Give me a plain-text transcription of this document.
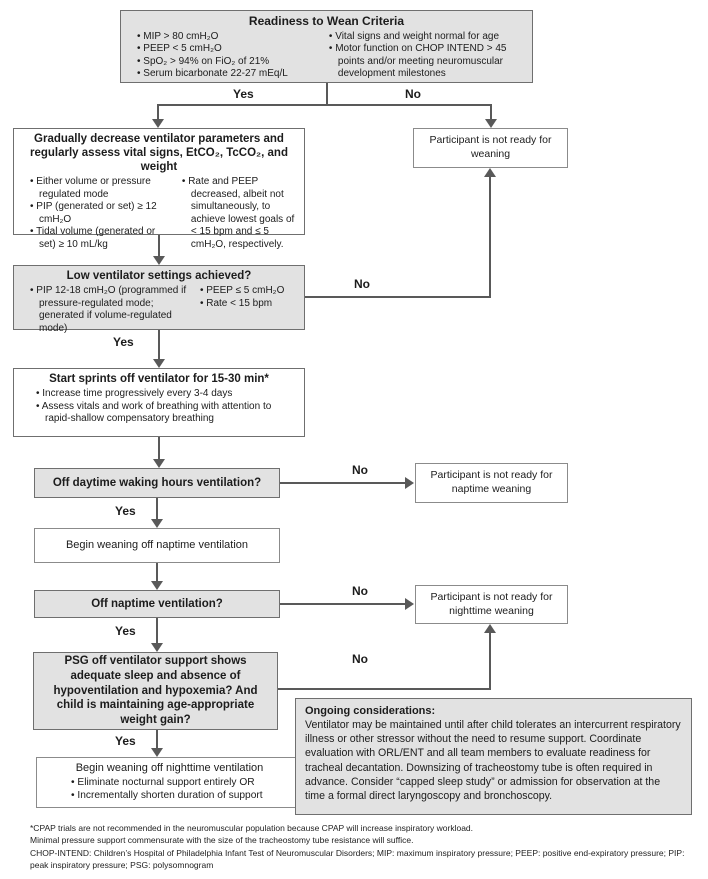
Readiness to Wean Criteria
• MIP > 80 cmH₂O
• PEEP < 5 cmH₂O
• SpO₂ > 94% on FiO₂ of 21%
• Serum bicarbonate 22-27 mEq/L
• Vital signs and weight normal for age
• Motor function on CHOP INTEND > 45 points and/or meeting neuromuscular development milestones
Yes	No
Gradually decrease ventilator parameters and regularly assess vital signs, EtCO₂, TcCO₂, and weight
• Either volume or pressure regulated mode
• PIP (generated or set) ≥ 12 cmH₂O
• Tidal volume (generated or set) ≥ 10 mL/kg
• Rate and PEEP decreased, albeit not simultaneously, to achieve lowest goals of < 15 bpm and ≤ 5 cmH₂O, respectively.
Participant is not ready for weaning
Low ventilator settings achieved?
• PIP 12-18 cmH₂O (programmed if pressure-regulated mode; generated if volume-regulated mode)
• PEEP ≤ 5 cmH₂O
• Rate < 15 bpm
No
Yes
Start sprints off ventilator for 15-30 min*
• Increase time progressively every 3-4 days
• Assess vitals and work of breathing with attention to rapid-shallow compensatory breathing
Off daytime waking hours ventilation?
No	Participant is not ready for naptime weaning
Yes
Begin weaning off naptime ventilation
Off naptime ventilation?
No	Participant is not ready for nighttime weaning
Yes
PSG off ventilator support shows adequate sleep and absence of hypoventilation and hypoxemia? And child is maintaining age-appropriate weight gain?
No
Yes
Begin weaning off nighttime ventilation
• Eliminate nocturnal support entirely OR
• Incrementally shorten duration of support
Ongoing considerations:
Ventilator may be maintained until after child tolerates an intercurrent respiratory illness or other stressor without the need to resume support. Coordinate evaluation with ORL/ENT and all team members to evaluate readiness for tracheal decantation. Downsizing of tracheostomy tube is often required in advance. Consider “capped sleep study” or admission for observation at the time a formal direct laryngoscopy and bronchoscopy.
*CPAP trials are not recommended in the neuromuscular population because CPAP will increase inspiratory workload.
Minimal pressure support commensurate with the size of the tracheostomy tube resistance will suffice.
CHOP-INTEND: Children’s Hospital of Philadelphia Infant Test of Neuromuscular Disorders; MIP: maximum inspiratory pressure; PEEP: positive end-expiratory pressure; PIP: peak inspiratory pressure; PSG: polysomnogram
